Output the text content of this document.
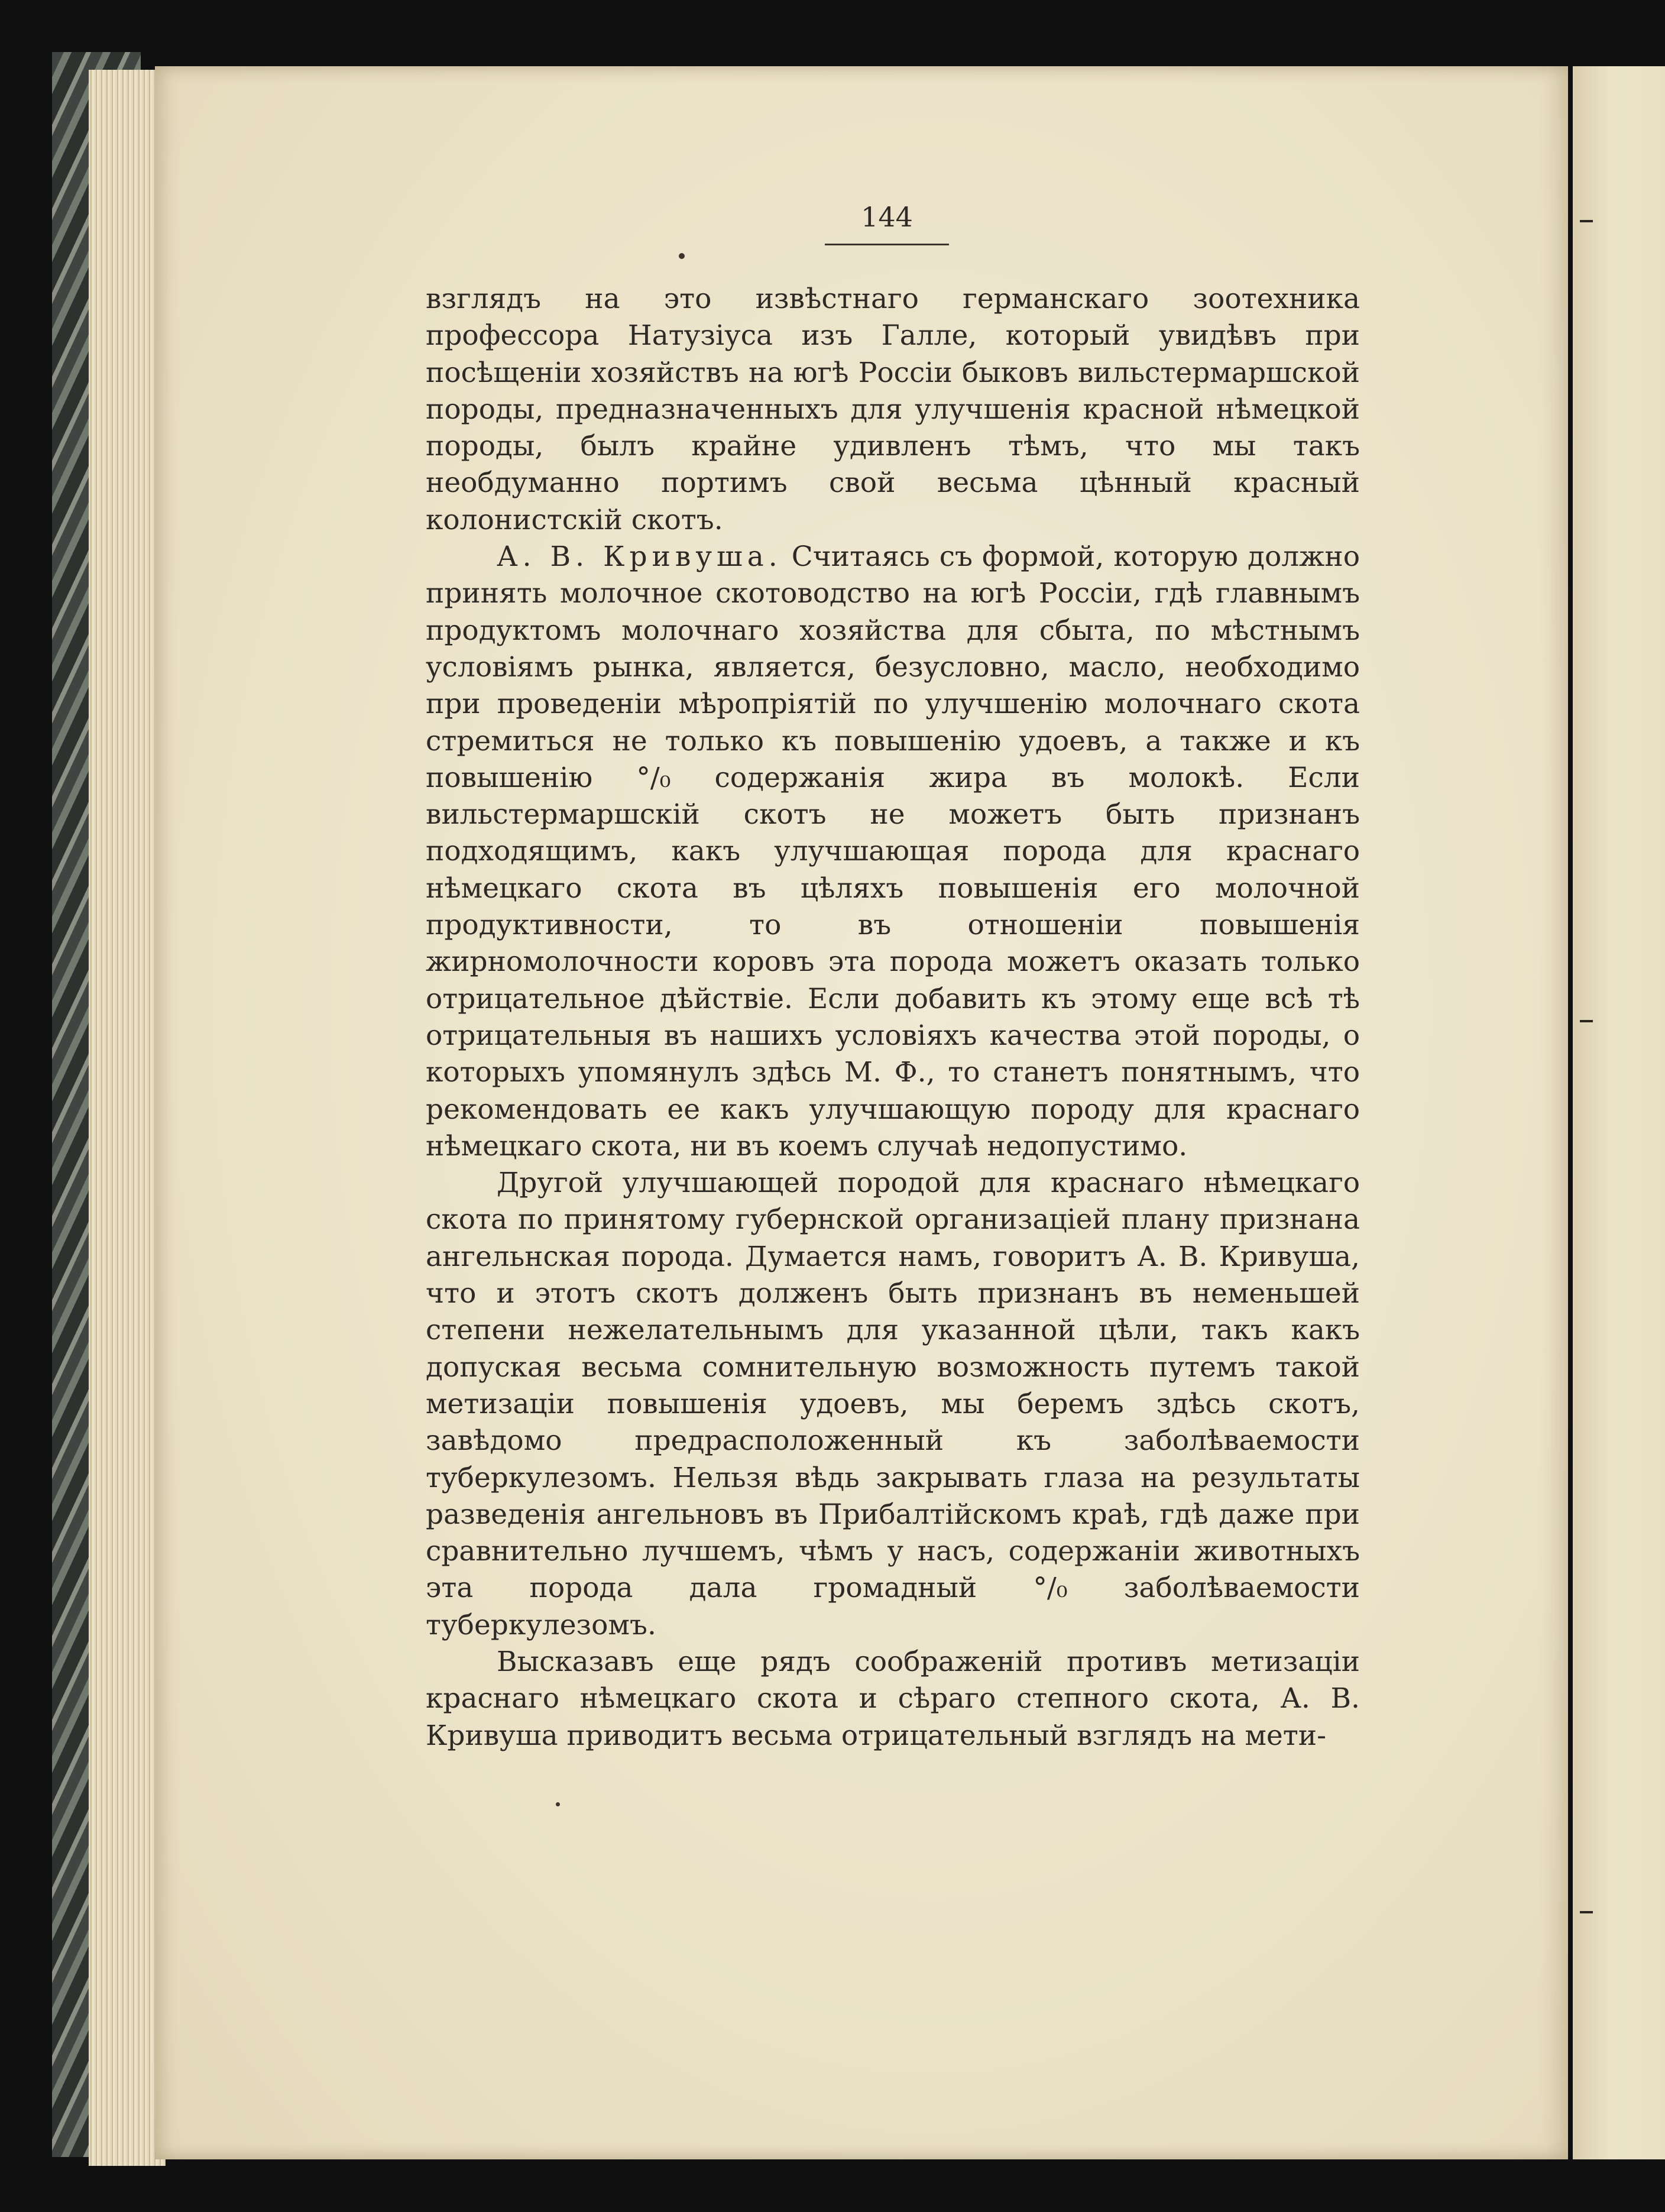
144

взглядъ на это извѣстнаго германскаго зоотехника профессора Натузіуса изъ Галле, который увидѣвъ при посѣщеніи хозяйствъ на югѣ Россіи быковъ вильстермаршской породы, предназначенныхъ для улучшенія красной нѣмецкой породы, былъ крайне удивленъ тѣмъ, что мы такъ необдуманно портимъ свой весьма цѣнный красный колонистскій скотъ.

А. В. Кривуша. Считаясь съ формой, которую должно принять молочное скотоводство на югѣ Россіи, гдѣ главнымъ продуктомъ молочнаго хозяйства для сбыта, по мѣстнымъ условіямъ рынка, является, безусловно, масло, необходимо при проведеніи мѣропріятій по улучшенію молочнаго скота стремиться не только къ повышенію удоевъ, а также и къ повышенію °/₀ содержанія жира въ молокѣ. Если вильстермаршскій скотъ не можетъ быть признанъ подходящимъ, какъ улучшающая порода для краснаго нѣмецкаго скота въ цѣляхъ повышенія его молочной продуктивности, то въ отношеніи повышенія жирномолочности коровъ эта порода можетъ оказать только отрицательное дѣйствіе. Если добавить къ этому еще всѣ тѣ отрицательныя въ нашихъ условіяхъ качества этой породы, о которыхъ упомянулъ здѣсь М. Ф., то станетъ понятнымъ, что рекомендовать ее какъ улучшающую породу для краснаго нѣмецкаго скота, ни въ коемъ случаѣ недопустимо.

Другой улучшающей породой для краснаго нѣмецкаго скота по принятому губернской организаціей плану признана ангельнская порода. Думается намъ, говоритъ А. В. Кривуша, что и этотъ скотъ долженъ быть признанъ въ неменьшей степени нежелательнымъ для указанной цѣли, такъ какъ допуская весьма сомнительную возможность путемъ такой метизаціи повышенія удоевъ, мы беремъ здѣсь скотъ, завѣдомо предрасположенный къ заболѣваемости туберкулезомъ. Нельзя вѣдь закрывать глаза на результаты разведенія ангельновъ въ Прибалтійскомъ краѣ, гдѣ даже при сравнительно лучшемъ, чѣмъ у насъ, содержаніи животныхъ эта порода дала громадный °/₀ заболѣваемости туберкулезомъ.

Высказавъ еще рядъ соображеній противъ метизаціи краснаго нѣмецкаго скота и сѣраго степного скота, А. В. Кривуша приводитъ весьма отрицательный взглядъ на мети-
